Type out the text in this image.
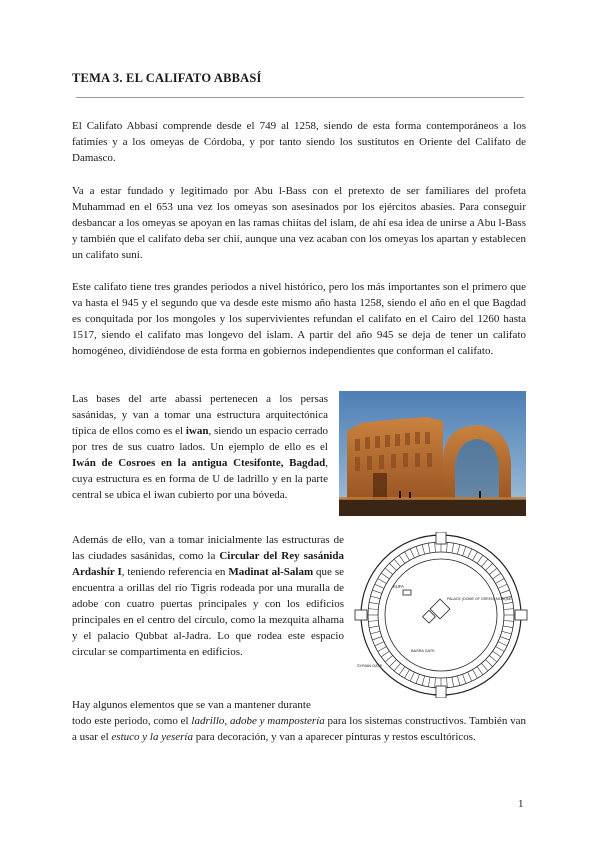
TEMA 3. EL CALIFATO ABBASÍ

El Califato Abbasí comprende desde el 749 al 1258, siendo de esta forma contemporáneos a los fatimíes y a los omeyas de Córdoba, y por tanto siendo los sustitutos en Oriente del Califato de Damasco.

Va a estar fundado y legitimado por Abu l-Bass con el pretexto de ser familiares del profeta Muhammad en el 653 una vez los omeyas son asesinados por los ejércitos abasíes. Para conseguir desbancar a los omeyas se apoyan en las ramas chiítas del islam, de ahí esa idea de unirse a Abu l-Bass y también que el califato deba ser chií, aunque una vez acaban con los omeyas los apartan y establecen un califato suní.

Este califato tiene tres grandes periodos a nivel histórico, pero los más importantes son el primero que va hasta el 945 y el segundo que va desde este mismo año hasta 1258, siendo el año en el que Bagdad es conquitada por los mongoles y los supervivientes refundan el califato en el Cairo del 1260 hasta 1517, siendo el califato mas longevo del islam. A partir del año 945 se deja de tener un califato homogéneo, dividiéndose de esta forma en gobiernos independientes que conforman el califato.

Las bases del arte abassi pertenecen a los persas sasánidas, y van a tomar una estructura arquitectónica típica de ellos como es el iwan, siendo un espacio cerrado por tres de sus cuatro lados. Un ejemplo de ello es el Iwán de Cosroes en la antigua Ctesifonte, Bagdad, cuya estructura es en forma de U de ladrillo y en la parte central se ubica el iwan cubierto por una bóveda.

Además de ello, van a tomar inicialmente las estructuras de las ciudades sasánidas, como la Circular del Rey sasánida Ardashír I, teniendo referencia en Madinat al-Salam que se encuentra a orillas del río Tigris rodeada por una muralla de adobe con cuatro puertas principales y con los edificios principales en el centro del círculo, como la mezquita alhama y el palacio Qubbat al-Jadra. Lo que rodea este espacio circular se compartimenta en edificios.

KUFA
PALACE (DOME OF GREEN) MOSQUE
BASRA GATE
SYRIAN GATE

Hay algunos elementos que se van a mantener durante
todo este periodo, como el ladrillo, adobe y mampostería para los sistemas constructivos. También van a usar el estuco y la yesería para decoración, y van a aparecer pinturas y restos escultóricos.

1
